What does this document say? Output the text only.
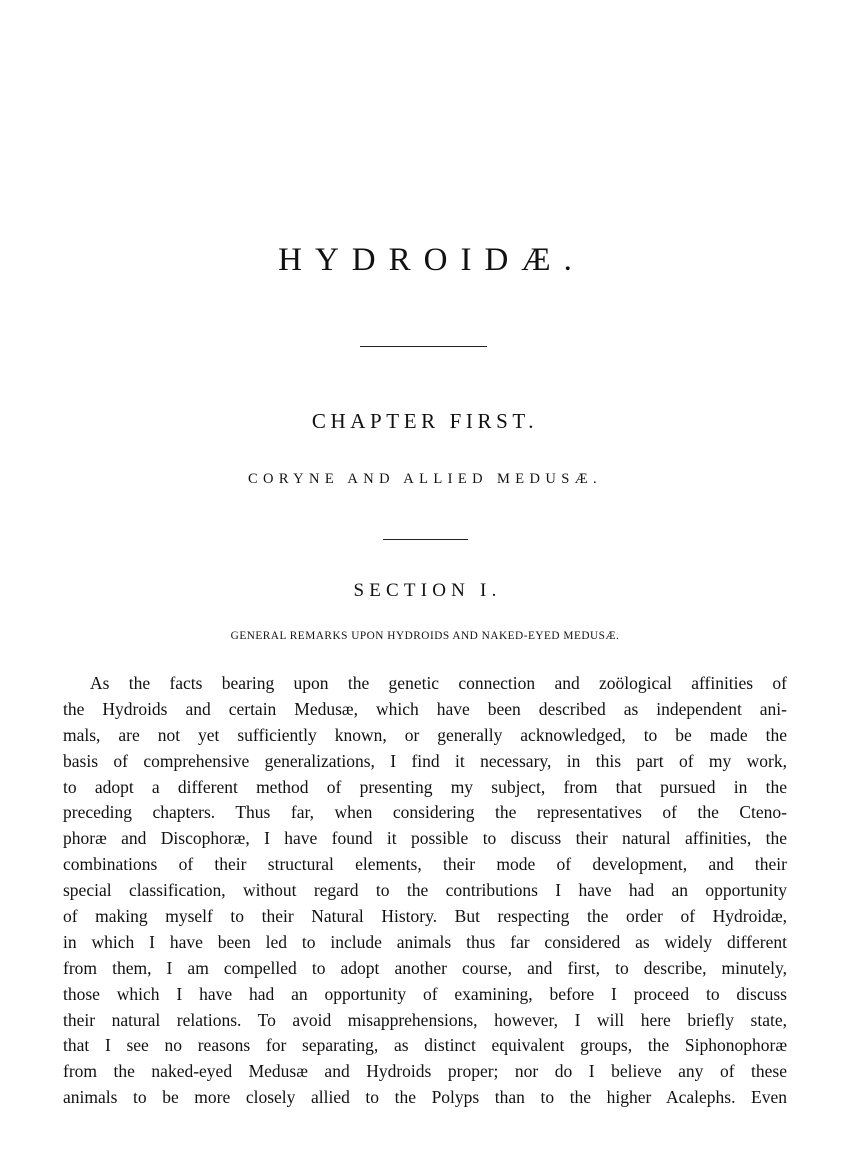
HYDROIDÆ.
CHAPTER FIRST.
CORYNE AND ALLIED MEDUSÆ.
SECTION I.
GENERAL REMARKS UPON HYDROIDS AND NAKED-EYED MEDUSÆ.
As the facts bearing upon the genetic connection and zoölogical affinities of
the Hydroids and certain Medusæ, which have been described as independent ani-
mals, are not yet sufficiently known, or generally acknowledged, to be made the
basis of comprehensive generalizations, I find it necessary, in this part of my work,
to adopt a different method of presenting my subject, from that pursued in the
preceding chapters. Thus far, when considering the representatives of the Cteno-
phoræ and Discophoræ, I have found it possible to discuss their natural affinities, the
combinations of their structural elements, their mode of development, and their
special classification, without regard to the contributions I have had an opportunity
of making myself to their Natural History. But respecting the order of Hydroidæ,
in which I have been led to include animals thus far considered as widely different
from them, I am compelled to adopt another course, and first, to describe, minutely,
those which I have had an opportunity of examining, before I proceed to discuss
their natural relations. To avoid misapprehensions, however, I will here briefly state,
that I see no reasons for separating, as distinct equivalent groups, the Siphonophoræ
from the naked-eyed Medusæ and Hydroids proper; nor do I believe any of these
animals to be more closely allied to the Polyps than to the higher Acalephs. Even
